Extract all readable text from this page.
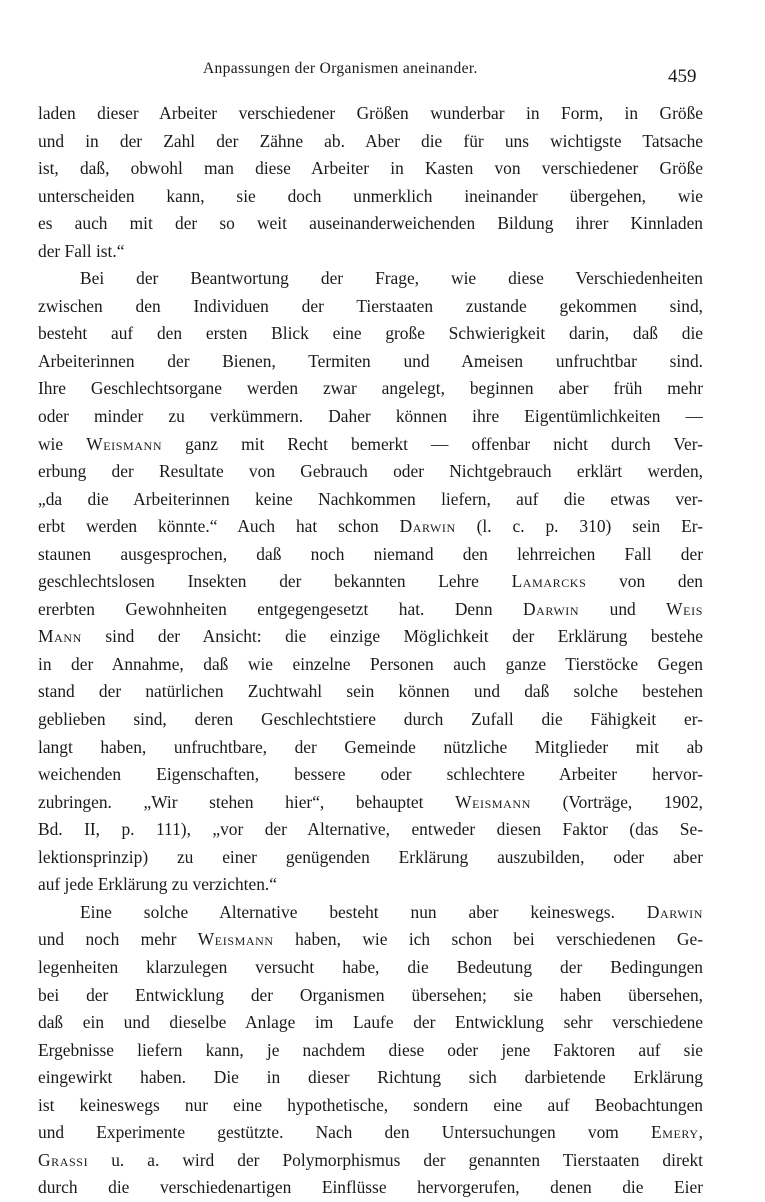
Anpassungen der Organismen aneinander.	459
laden dieser Arbeiter verschiedener Größen wunderbar in Form, in Größe
und in der Zahl der Zähne ab. Aber die für uns wichtigste Tatsache
ist, daß, obwohl man diese Arbeiter in Kasten von verschiedener Größe
unterscheiden kann, sie doch unmerklich ineinander übergehen, wie
es auch mit der so weit auseinanderweichenden Bildung ihrer Kinnladen
der Fall ist.“
Bei der Beantwortung der Frage, wie diese Verschiedenheiten
zwischen den Individuen der Tierstaaten zustande gekommen sind,
besteht auf den ersten Blick eine große Schwierigkeit darin, daß die
Arbeiterinnen der Bienen, Termiten und Ameisen unfruchtbar sind.
Ihre Geschlechtsorgane werden zwar angelegt, beginnen aber früh mehr
oder minder zu verkümmern. Daher können ihre Eigentümlichkeiten —
wie Weismann ganz mit Recht bemerkt — offenbar nicht durch Ver-
erbung der Resultate von Gebrauch oder Nichtgebrauch erklärt werden,
„da die Arbeiterinnen keine Nachkommen liefern, auf die etwas ver-
erbt werden könnte.“ Auch hat schon Darwin (l. c. p. 310) sein Er-
staunen ausgesprochen, daß noch niemand den lehrreichen Fall der
geschlechtslosen Insekten der bekannten Lehre Lamarcks von den
ererbten Gewohnheiten entgegengesetzt hat. Denn Darwin und Weis
Mann sind der Ansicht: die einzige Möglichkeit der Erklärung bestehe
in der Annahme, daß wie einzelne Personen auch ganze Tierstöcke Gegen
stand der natürlichen Zuchtwahl sein können und daß solche bestehen
geblieben sind, deren Geschlechtstiere durch Zufall die Fähigkeit er-
langt haben, unfruchtbare, der Gemeinde nützliche Mitglieder mit ab
weichenden Eigenschaften, bessere oder schlechtere Arbeiter hervor-
zubringen. „Wir stehen hier“, behauptet Weismann (Vorträge, 1902,
Bd. II, p. 111), „vor der Alternative, entweder diesen Faktor (das Se-
lektionsprinzip) zu einer genügenden Erklärung auszubilden, oder aber
auf jede Erklärung zu verzichten.“
Eine solche Alternative besteht nun aber keineswegs. Darwin
und noch mehr Weismann haben, wie ich schon bei verschiedenen Ge-
legenheiten klarzulegen versucht habe, die Bedeutung der Bedingungen
bei der Entwicklung der Organismen übersehen; sie haben übersehen,
daß ein und dieselbe Anlage im Laufe der Entwicklung sehr verschiedene
Ergebnisse liefern kann, je nachdem diese oder jene Faktoren auf sie
eingewirkt haben. Die in dieser Richtung sich darbietende Erklärung
ist keineswegs nur eine hypothetische, sondern eine auf Beobachtungen
und Experimente gestützte. Nach den Untersuchungen vom Emery,
Grassi u. a. wird der Polymorphismus der genannten Tierstaaten direkt
durch die verschiedenartigen Einflüsse hervorgerufen, denen die Eier
